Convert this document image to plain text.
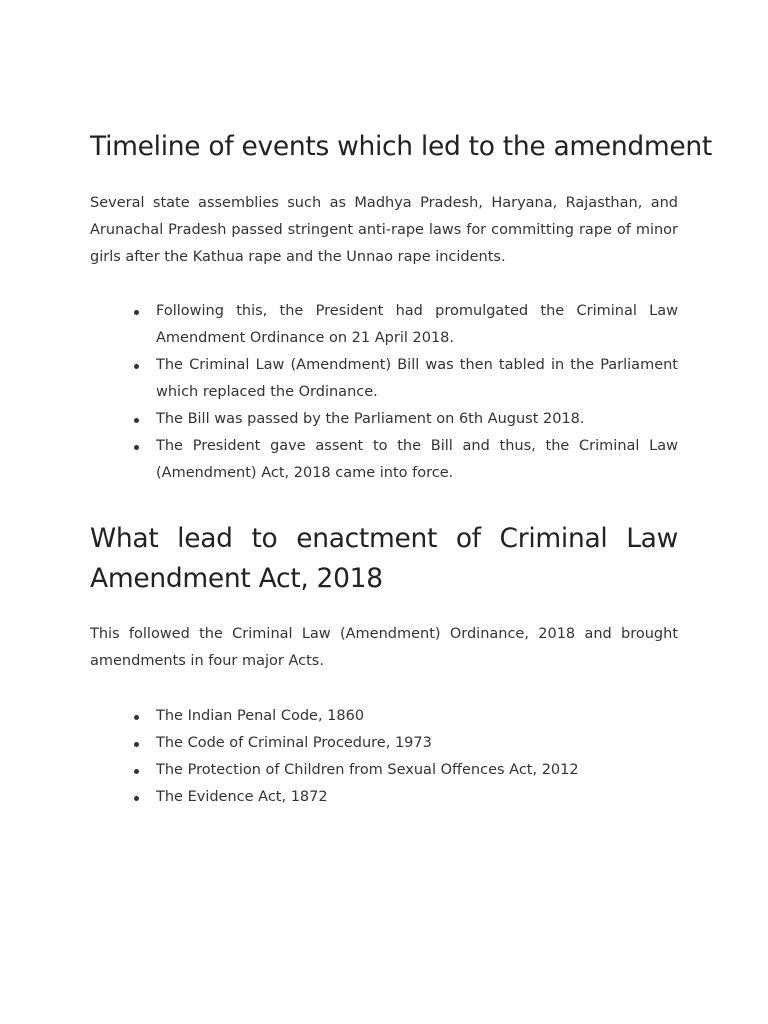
Timeline of events which led to the amendment

Several state assemblies such as Madhya Pradesh, Haryana, Rajasthan, and Arunachal Pradesh passed stringent anti-rape laws for committing rape of minor girls after the Kathua rape and the Unnao rape incidents.

Following this, the President had promulgated the Criminal Law Amendment Ordinance on 21 April 2018.
The Criminal Law (Amendment) Bill was then tabled in the Parliament which replaced the Ordinance.
The Bill was passed by the Parliament on 6th August 2018.
The President gave assent to the Bill and thus, the Criminal Law (Amendment) Act, 2018 came into force.
What lead to enactment of Criminal Law Amendment Act, 2018

This followed the Criminal Law (Amendment) Ordinance, 2018 and brought amendments in four major Acts.

The Indian Penal Code, 1860
The Code of Criminal Procedure, 1973
The Protection of Children from Sexual Offences Act, 2012
The Evidence Act, 1872
